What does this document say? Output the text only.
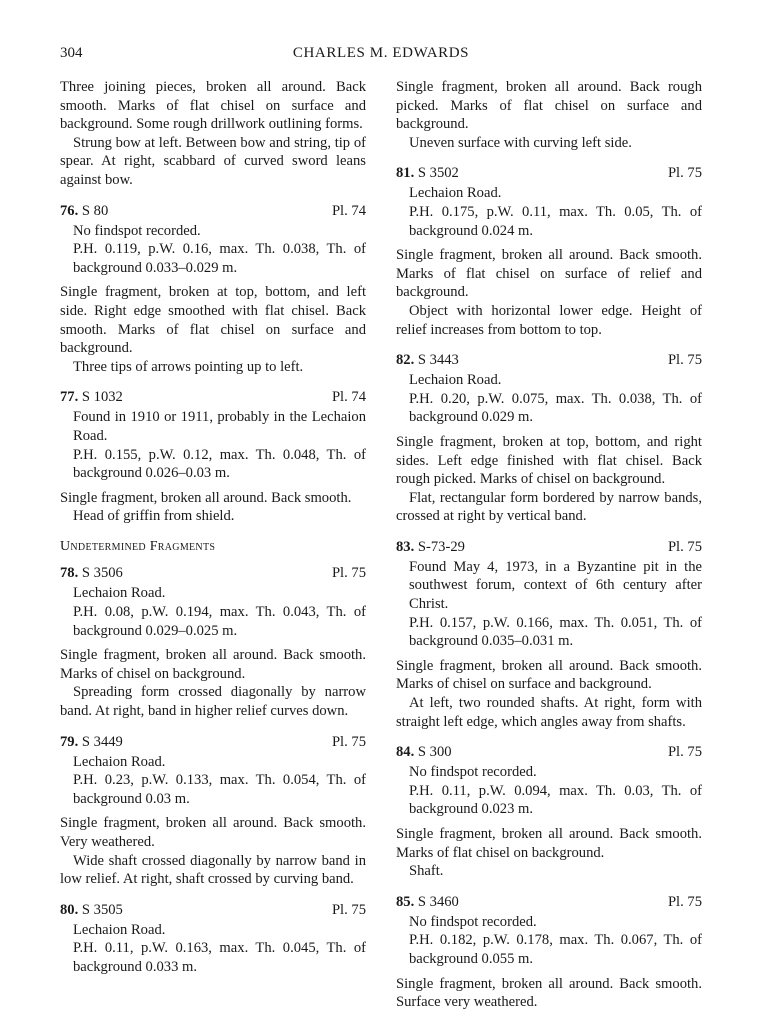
304	CHARLES M. EDWARDS

Three joining pieces, broken all around. Back smooth. Marks of flat chisel on surface and background. Some rough drillwork outlining forms.

Strung bow at left. Between bow and string, tip of spear. At right, scabbard of curved sword leans against bow.

76. S 80	Pl. 74

No findspot recorded.

P.H. 0.119, p.W. 0.16, max. Th. 0.038, Th. of background 0.033–0.029 m.

Single fragment, broken at top, bottom, and left side. Right edge smoothed with flat chisel. Back smooth. Marks of flat chisel on surface and background.

Three tips of arrows pointing up to left.

77. S 1032	Pl. 74

Found in 1910 or 1911, probably in the Lechaion Road.

P.H. 0.155, p.W. 0.12, max. Th. 0.048, Th. of background 0.026–0.03 m.

Single fragment, broken all around. Back smooth.

Head of griffin from shield.

Undetermined Fragments
78. S 3506	Pl. 75

Lechaion Road.

P.H. 0.08, p.W. 0.194, max. Th. 0.043, Th. of background 0.029–0.025 m.

Single fragment, broken all around. Back smooth. Marks of chisel on background.

Spreading form crossed diagonally by narrow band. At right, band in higher relief curves down.

79. S 3449	Pl. 75

Lechaion Road.

P.H. 0.23, p.W. 0.133, max. Th. 0.054, Th. of background 0.03 m.

Single fragment, broken all around. Back smooth. Very weathered.

Wide shaft crossed diagonally by narrow band in low relief. At right, shaft crossed by curving band.

80. S 3505	Pl. 75

Lechaion Road.

P.H. 0.11, p.W. 0.163, max. Th. 0.045, Th. of background 0.033 m.

Single fragment, broken all around. Back rough picked. Marks of flat chisel on surface and background.

Uneven surface with curving left side.

81. S 3502	Pl. 75

Lechaion Road.

P.H. 0.175, p.W. 0.11, max. Th. 0.05, Th. of background 0.024 m.

Single fragment, broken all around. Back smooth. Marks of flat chisel on surface of relief and background.

Object with horizontal lower edge. Height of relief increases from bottom to top.

82. S 3443	Pl. 75

Lechaion Road.

P.H. 0.20, p.W. 0.075, max. Th. 0.038, Th. of background 0.029 m.

Single fragment, broken at top, bottom, and right sides. Left edge finished with flat chisel. Back rough picked. Marks of chisel on background.

Flat, rectangular form bordered by narrow bands, crossed at right by vertical band.

83. S-73-29	Pl. 75

Found May 4, 1973, in a Byzantine pit in the southwest forum, context of 6th century after Christ.

P.H. 0.157, p.W. 0.166, max. Th. 0.051, Th. of background 0.035–0.031 m.

Single fragment, broken all around. Back smooth. Marks of chisel on surface and background.

At left, two rounded shafts. At right, form with straight left edge, which angles away from shafts.

84. S 300	Pl. 75

No findspot recorded.

P.H. 0.11, p.W. 0.094, max. Th. 0.03, Th. of background 0.023 m.

Single fragment, broken all around. Back smooth. Marks of flat chisel on background.

Shaft.

85. S 3460	Pl. 75

No findspot recorded.

P.H. 0.182, p.W. 0.178, max. Th. 0.067, Th. of background 0.055 m.

Single fragment, broken all around. Back smooth. Surface very weathered.
